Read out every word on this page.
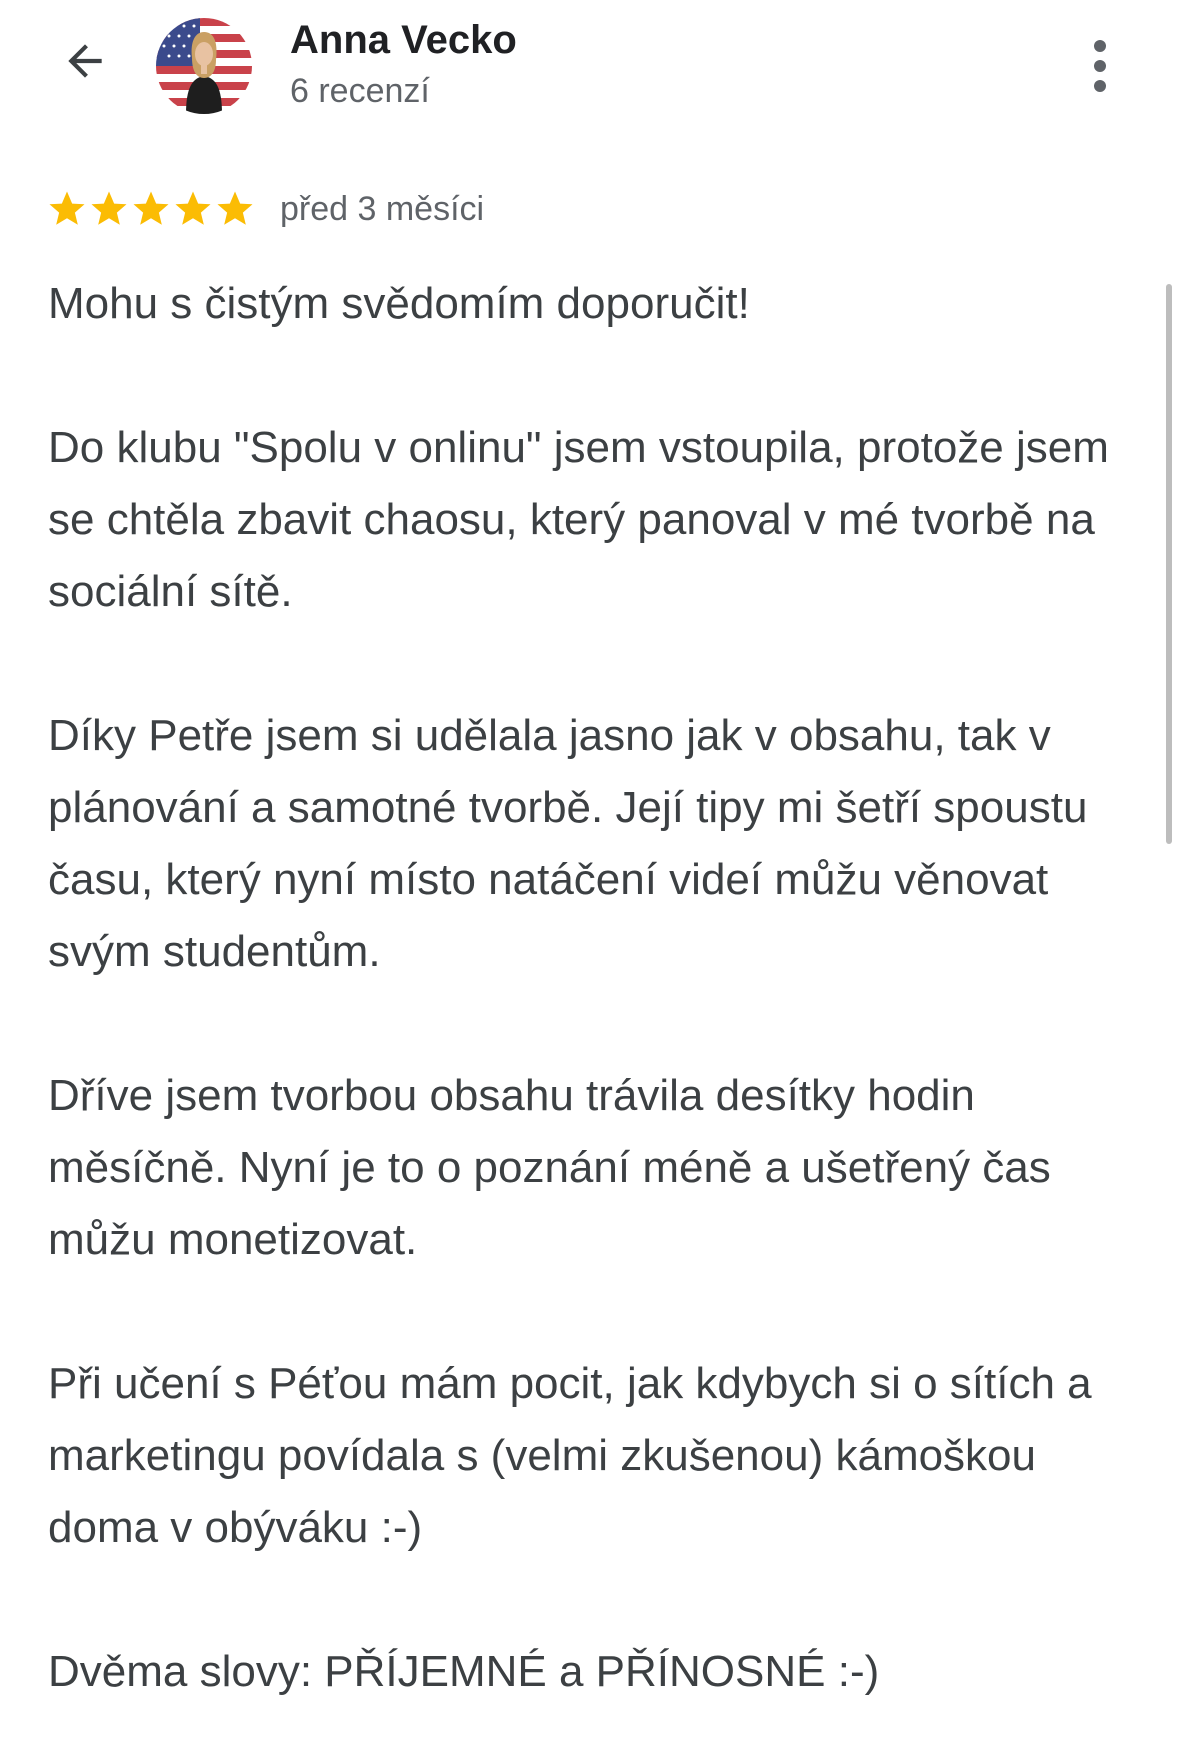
Anna Vecko
6 recenzí
před 3 měsíci

Mohu s čistým svědomím doporučit!

Do klubu "Spolu v onlinu" jsem vstoupila, protože jsem se chtěla zbavit chaosu, který panoval v mé tvorbě na sociální sítě.

Díky Petře jsem si udělala jasno jak v obsahu, tak v plánování a samotné tvorbě. Její tipy mi šetří spoustu času, který nyní místo natáčení videí můžu věnovat svým studentům.

Dříve jsem tvorbou obsahu trávila desítky hodin měsíčně. Nyní je to o poznání méně a ušetřený čas můžu monetizovat.

Při učení s Péťou mám pocit, jak kdybych si o sítích a marketingu povídala s (velmi zkušenou) kámoškou doma v obýváku :-)

Dvěma slovy: PŘÍJEMNÉ a PŘÍNOSNÉ :-)
